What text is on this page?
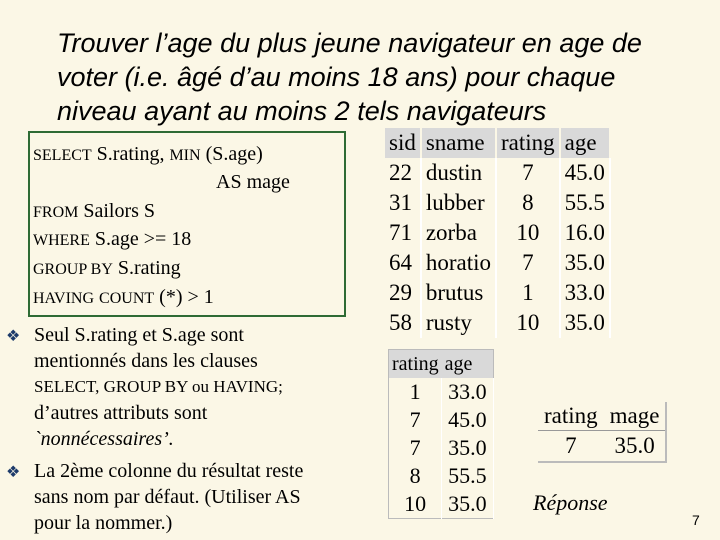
Trouver l’age du plus jeune navigateur en age de
voter (i.e. âgé d’au moins 18 ans) pour chaque
niveau ayant au moins 2 tels navigateurs
SELECT S.rating, MIN (S.age)
AS mage
FROM Sailors S
WHERE S.age >= 18
GROUP BY S.rating
HAVING COUNT (*) > 1
sid	sname	rating	age
22	dustin	7	45.0
31	lubber	8	55.5
71	zorba	10	16.0
64	horatio	7	35.0
29	brutus	1	33.0
58	rusty	10	35.0
❖ Seul S.rating et S.age sont
mentionnés dans les clauses
SELECT, GROUP BY ou HAVING;
d’autres attributs sont
`nonnécessaires’.
❖ La 2ème colonne du résultat reste
sans nom par défaut. (Utiliser AS
pour la nommer.)
rating	age
1	33.0
7	45.0
7	35.0
8	55.5
10	35.0
rating	mage
7	35.0
Réponse
7
